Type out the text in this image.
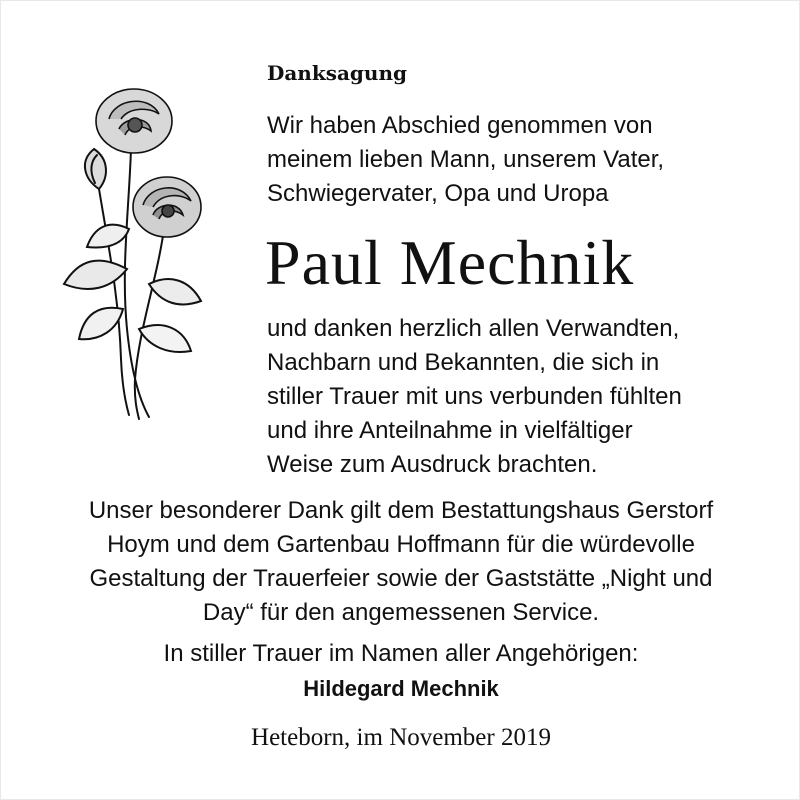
Danksagung
Wir haben Abschied genommen von
meinem lieben Mann, unserem Vater,
Schwiegervater, Opa und Uropa
Paul Mechnik
und danken herzlich allen Verwandten,
Nachbarn und Bekannten, die sich in
stiller Trauer mit uns verbunden fühlten
und ihre Anteilnahme in vielfältiger
Weise zum Ausdruck brachten.
Unser besonderer Dank gilt dem Bestattungshaus Gerstorf
Hoym und dem Gartenbau Hoffmann für die würdevolle
Gestaltung der Trauerfeier sowie der Gaststätte „Night und
Day“ für den angemessenen Service.
In stiller Trauer im Namen aller Angehörigen:
Hildegard Mechnik
Heteborn, im November 2019
